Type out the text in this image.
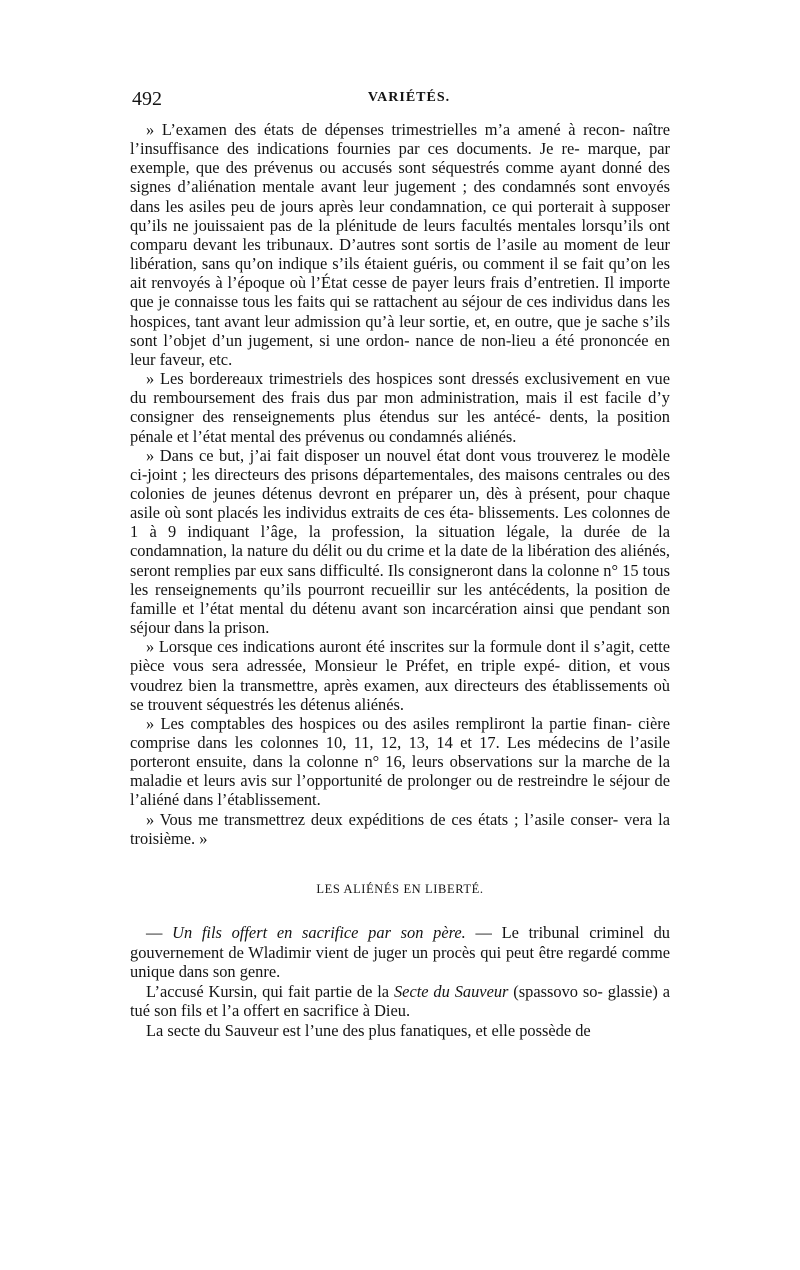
492	VARIÉTÉS.

» L’examen des états de dépenses trimestrielles m’a amené à recon- naître l’insuffisance des indications fournies par ces documents. Je re- marque, par exemple, que des prévenus ou accusés sont séquestrés comme ayant donné des signes d’aliénation mentale avant leur jugement ; des condamnés sont envoyés dans les asiles peu de jours après leur condamnation, ce qui porterait à supposer qu’ils ne jouissaient pas de la plénitude de leurs facultés mentales lorsqu’ils ont comparu devant les tribunaux. D’autres sont sortis de l’asile au moment de leur libération, sans qu’on indique s’ils étaient guéris, ou comment il se fait qu’on les ait renvoyés à l’époque où l’État cesse de payer leurs frais d’entretien. Il importe que je connaisse tous les faits qui se rattachent au séjour de ces individus dans les hospices, tant avant leur admission qu’à leur sortie, et, en outre, que je sache s’ils sont l’objet d’un jugement, si une ordon- nance de non-lieu a été prononcée en leur faveur, etc.

» Les bordereaux trimestriels des hospices sont dressés exclusivement en vue du remboursement des frais dus par mon administration, mais il est facile d’y consigner des renseignements plus étendus sur les antécé- dents, la position pénale et l’état mental des prévenus ou condamnés aliénés.

» Dans ce but, j’ai fait disposer un nouvel état dont vous trouverez le modèle ci-joint ; les directeurs des prisons départementales, des maisons centrales ou des colonies de jeunes détenus devront en préparer un, dès à présent, pour chaque asile où sont placés les individus extraits de ces éta- blissements. Les colonnes de 1 à 9 indiquant l’âge, la profession, la situation légale, la durée de la condamnation, la nature du délit ou du crime et la date de la libération des aliénés, seront remplies par eux sans difficulté. Ils consigneront dans la colonne n° 15 tous les renseignements qu’ils pourront recueillir sur les antécédents, la position de famille et l’état mental du détenu avant son incarcération ainsi que pendant son séjour dans la prison.

» Lorsque ces indications auront été inscrites sur la formule dont il s’agit, cette pièce vous sera adressée, Monsieur le Préfet, en triple expé- dition, et vous voudrez bien la transmettre, après examen, aux directeurs des établissements où se trouvent séquestrés les détenus aliénés.

» Les comptables des hospices ou des asiles rempliront la partie finan- cière comprise dans les colonnes 10, 11, 12, 13, 14 et 17. Les médecins de l’asile porteront ensuite, dans la colonne n° 16, leurs observations sur la marche de la maladie et leurs avis sur l’opportunité de prolonger ou de restreindre le séjour de l’aliéné dans l’établissement.

» Vous me transmettrez deux expéditions de ces états ; l’asile conser- vera la troisième. »

LES ALIÉNÉS EN LIBERTÉ.

— Un fils offert en sacrifice par son père. — Le tribunal criminel du gouvernement de Wladimir vient de juger un procès qui peut être regardé comme unique dans son genre.

L’accusé Kursin, qui fait partie de la Secte du Sauveur (spassovo so- glassie) a tué son fils et l’a offert en sacrifice à Dieu.

La secte du Sauveur est l’une des plus fanatiques, et elle possède de
